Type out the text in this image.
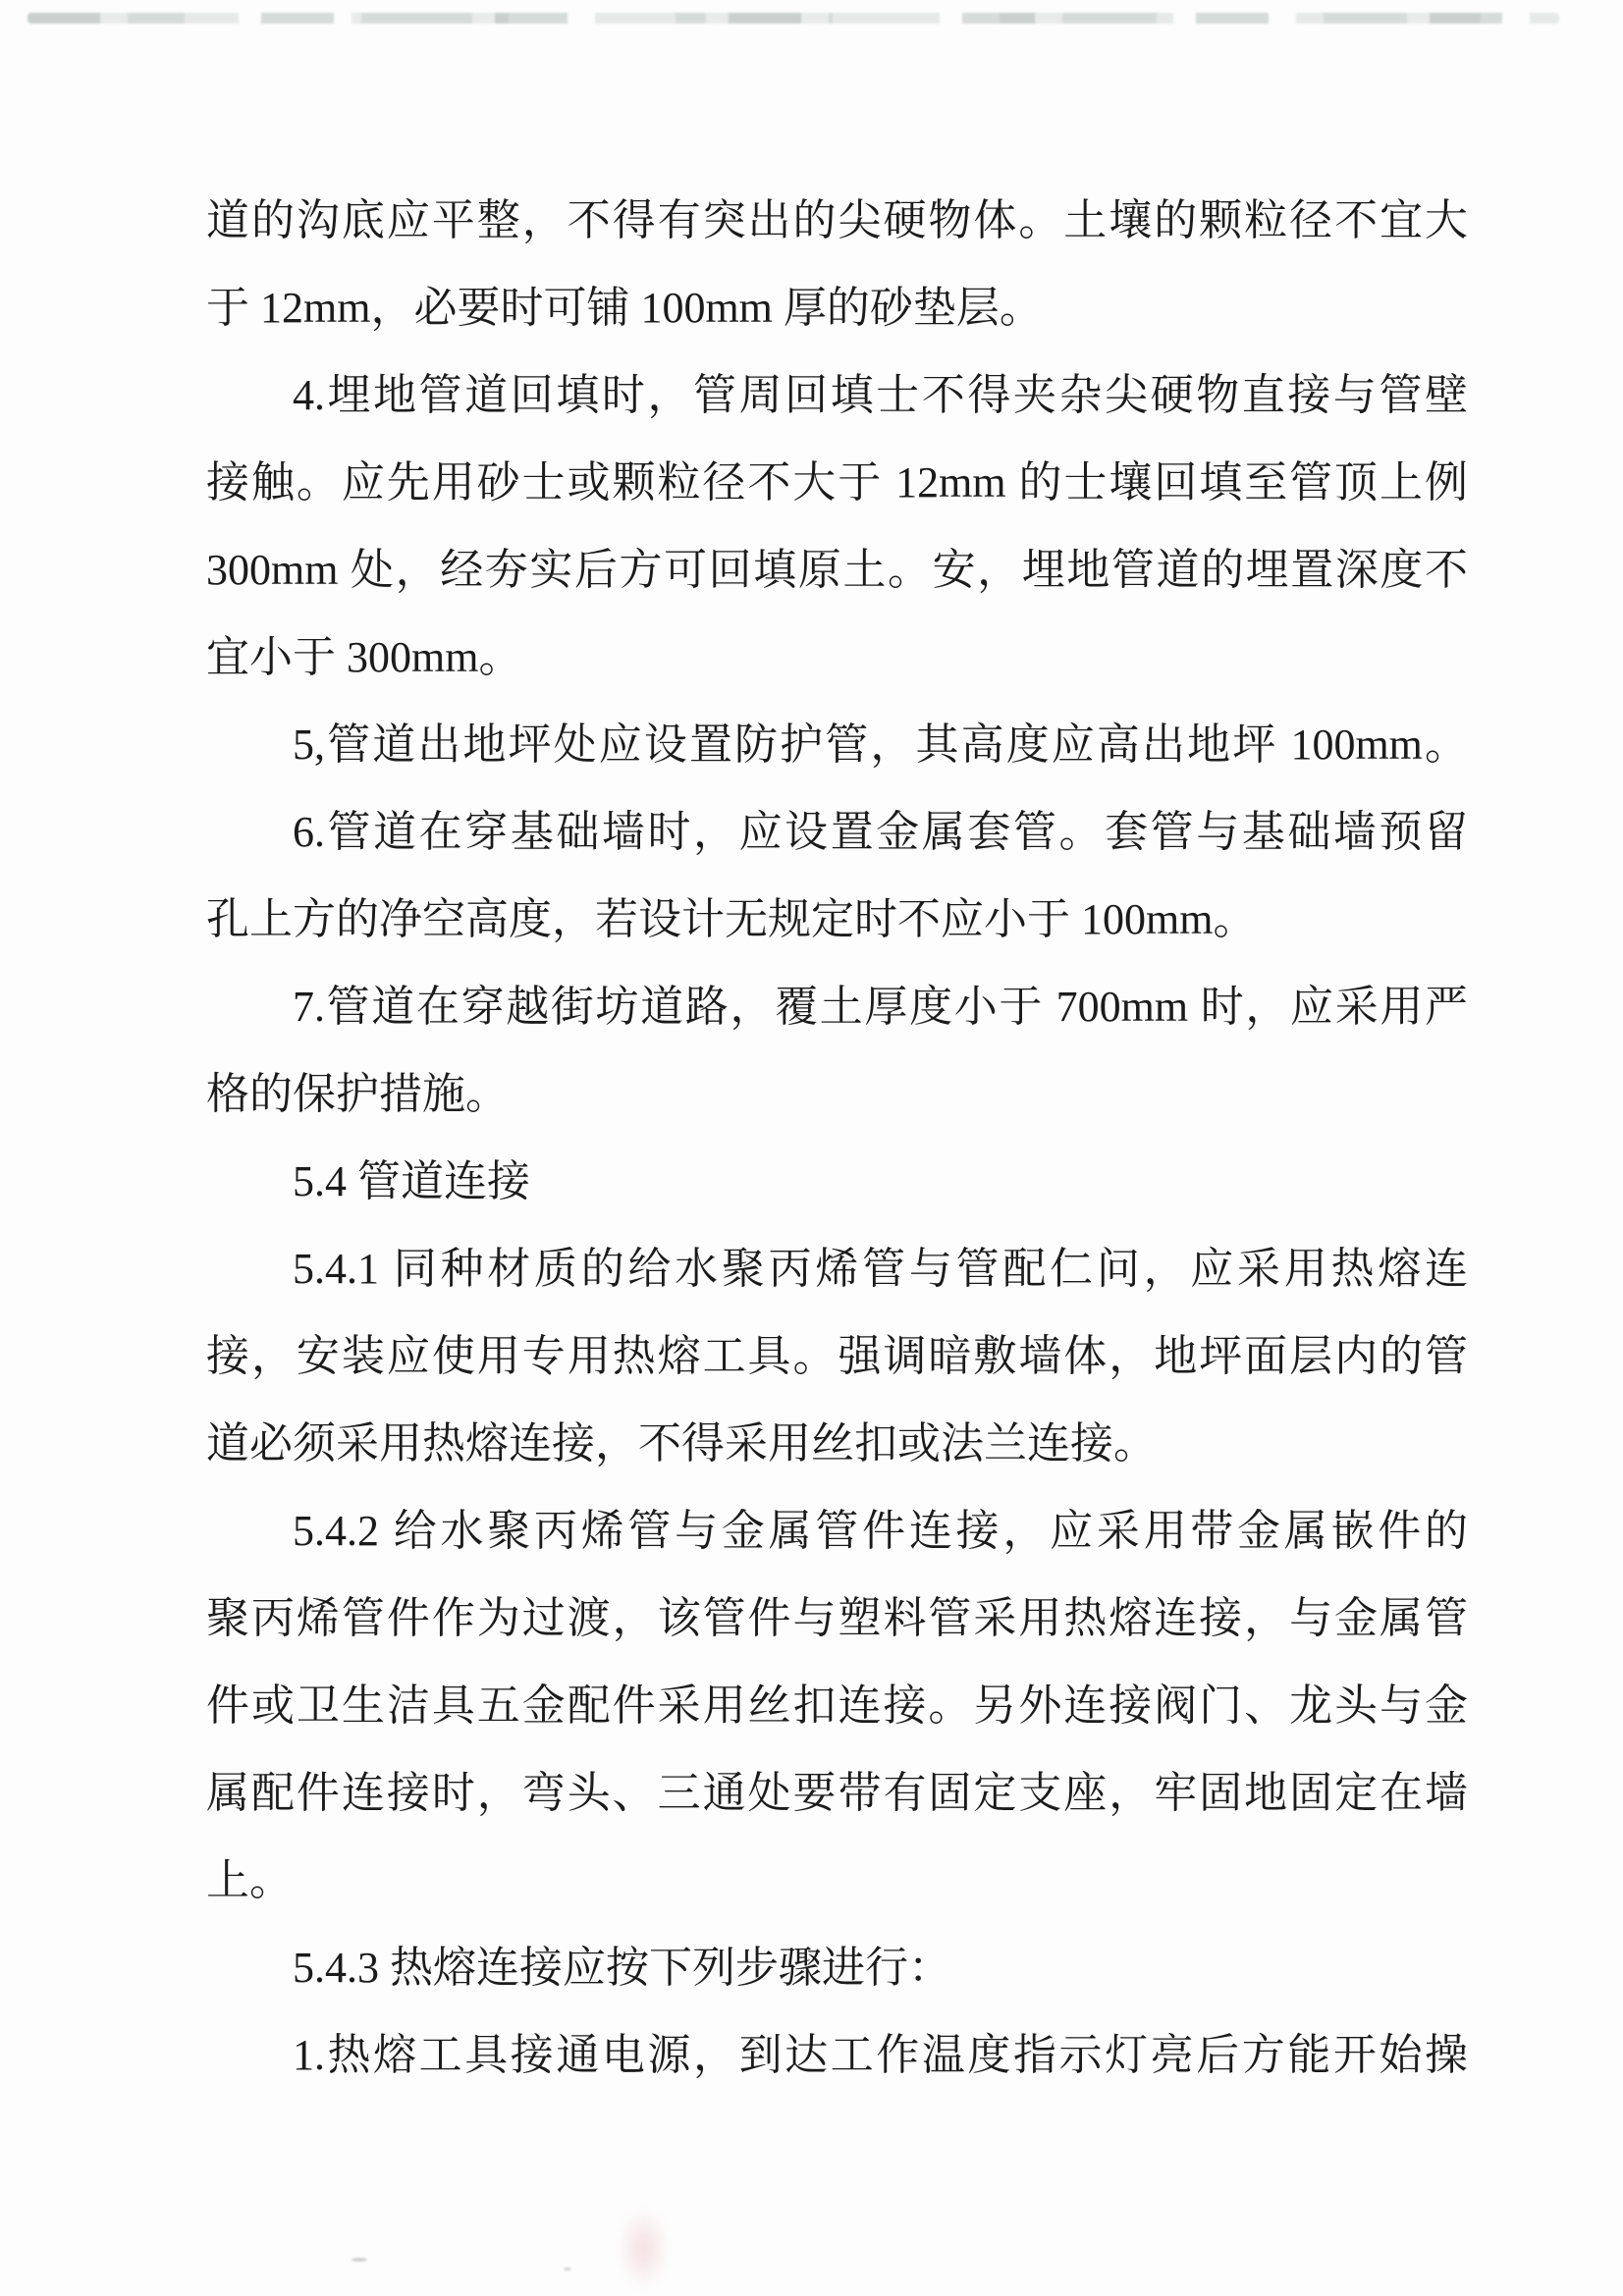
道的沟底应平整，不得有突出的尖硬物体。土壤的颗粒径不宜大
于 12mm，必要时可铺 100mm 厚的砂垫层。
4.埋地管道回填时，管周回填士不得夹杂尖硬物直接与管壁
接触。应先用砂士或颗粒径不大于 12mm 的士壤回填至管顶上例
300mm 处，经夯实后方可回填原土。安，埋地管道的埋置深度不
宜小于 300mm。
5,管道出地坪处应设置防护管，其高度应高出地坪 100mm。
6.管道在穿基础墙时，应设置金属套管。套管与基础墙预留
孔上方的净空高度，若设计无规定时不应小于 100mm。
7.管道在穿越街坊道路，覆土厚度小于 700mm 时，应采用严
格的保护措施。
5.4 管道连接
5.4.1 同种材质的给水聚丙烯管与管配仁问，应采用热熔连
接，安装应使用专用热熔工具。强调暗敷墙体，地坪面层内的管
道必须采用热熔连接，不得采用丝扣或法兰连接。
5.4.2 给水聚丙烯管与金属管件连接，应采用带金属嵌件的
聚丙烯管件作为过渡，该管件与塑料管采用热熔连接，与金属管
件或卫生洁具五金配件采用丝扣连接。另外连接阀门、龙头与金
属配件连接时，弯头、三通处要带有固定支座，牢固地固定在墙
上。
5.4.3 热熔连接应按下列步骤进行：
1.热熔工具接通电源，到达工作温度指示灯亮后方能开始操
